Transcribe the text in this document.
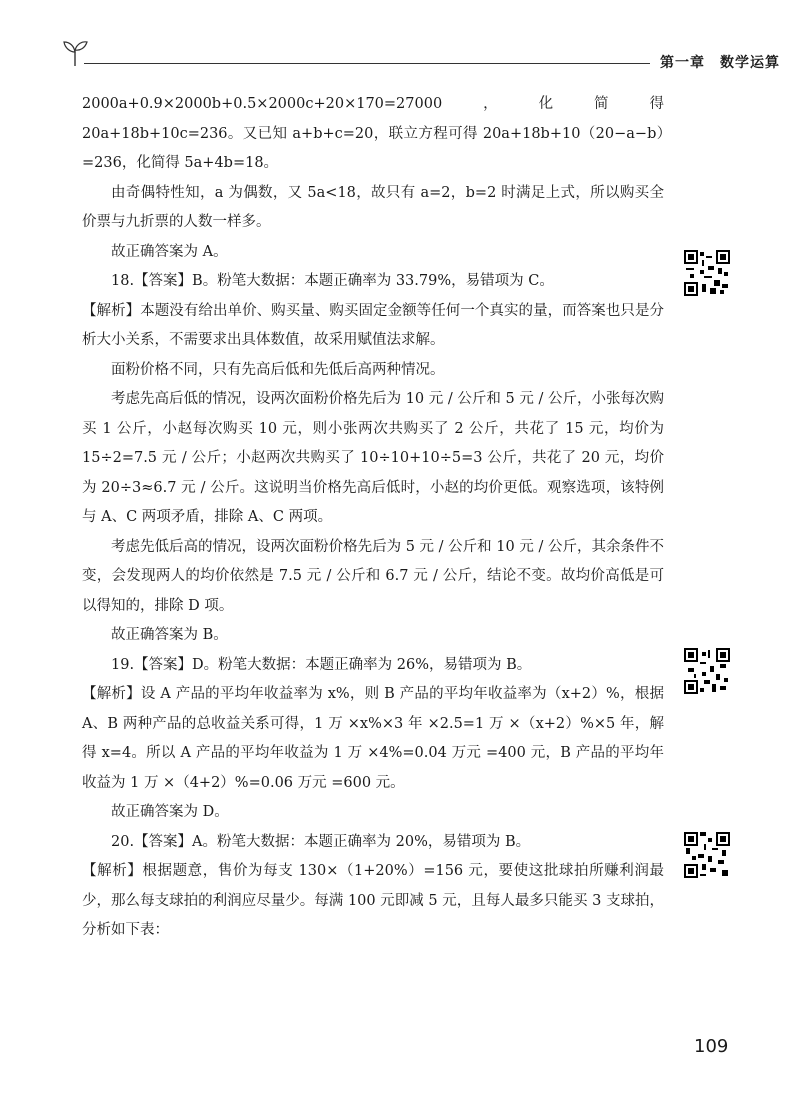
第一章　数学运算

2000a+0.9×2000b+0.5×2000c+20×170=27000，化简得 20a+18b+10c=236。又已知 a+b+c=20，联立方程可得 20a+18b+10（20−a−b）=236，化简得 5a+4b=18。

由奇偶特性知，a 为偶数，又 5a<18，故只有 a=2，b=2 时满足上式，所以购买全价票与九折票的人数一样多。

故正确答案为 A。

18.【答案】B。粉笔大数据：本题正确率为 33.79%，易错项为 C。

【解析】本题没有给出单价、购买量、购买固定金额等任何一个真实的量，而答案也只是分析大小关系，不需要求出具体数值，故采用赋值法求解。

面粉价格不同，只有先高后低和先低后高两种情况。

考虑先高后低的情况，设两次面粉价格先后为 10 元 / 公斤和 5 元 / 公斤，小张每次购买 1 公斤，小赵每次购买 10 元，则小张两次共购买了 2 公斤，共花了 15 元，均价为 15÷2=7.5 元 / 公斤；小赵两次共购买了 10÷10+10÷5=3 公斤，共花了 20 元，均价为 20÷3≈6.7 元 / 公斤。这说明当价格先高后低时，小赵的均价更低。观察选项，该特例与 A、C 两项矛盾，排除 A、C 两项。

考虑先低后高的情况，设两次面粉价格先后为 5 元 / 公斤和 10 元 / 公斤，其余条件不变，会发现两人的均价依然是 7.5 元 / 公斤和 6.7 元 / 公斤，结论不变。故均价高低是可以得知的，排除 D 项。

故正确答案为 B。

19.【答案】D。粉笔大数据：本题正确率为 26%，易错项为 B。

【解析】设 A 产品的平均年收益率为 x%，则 B 产品的平均年收益率为（x+2）%，根据 A、B 两种产品的总收益关系可得，1 万 ×x%×3 年 ×2.5=1 万 ×（x+2）%×5 年，解得 x=4。所以 A 产品的平均年收益为 1 万 ×4%=0.04 万元 =400 元，B 产品的平均年收益为 1 万 ×（4+2）%=0.06 万元 =600 元。

故正确答案为 D。

20.【答案】A。粉笔大数据：本题正确率为 20%，易错项为 B。

【解析】根据题意，售价为每支 130×（1+20%）=156 元，要使这批球拍所赚利润最少，那么每支球拍的利润应尽量少。每满 100 元即减 5 元，且每人最多只能买 3 支球拍，分析如下表：

109
